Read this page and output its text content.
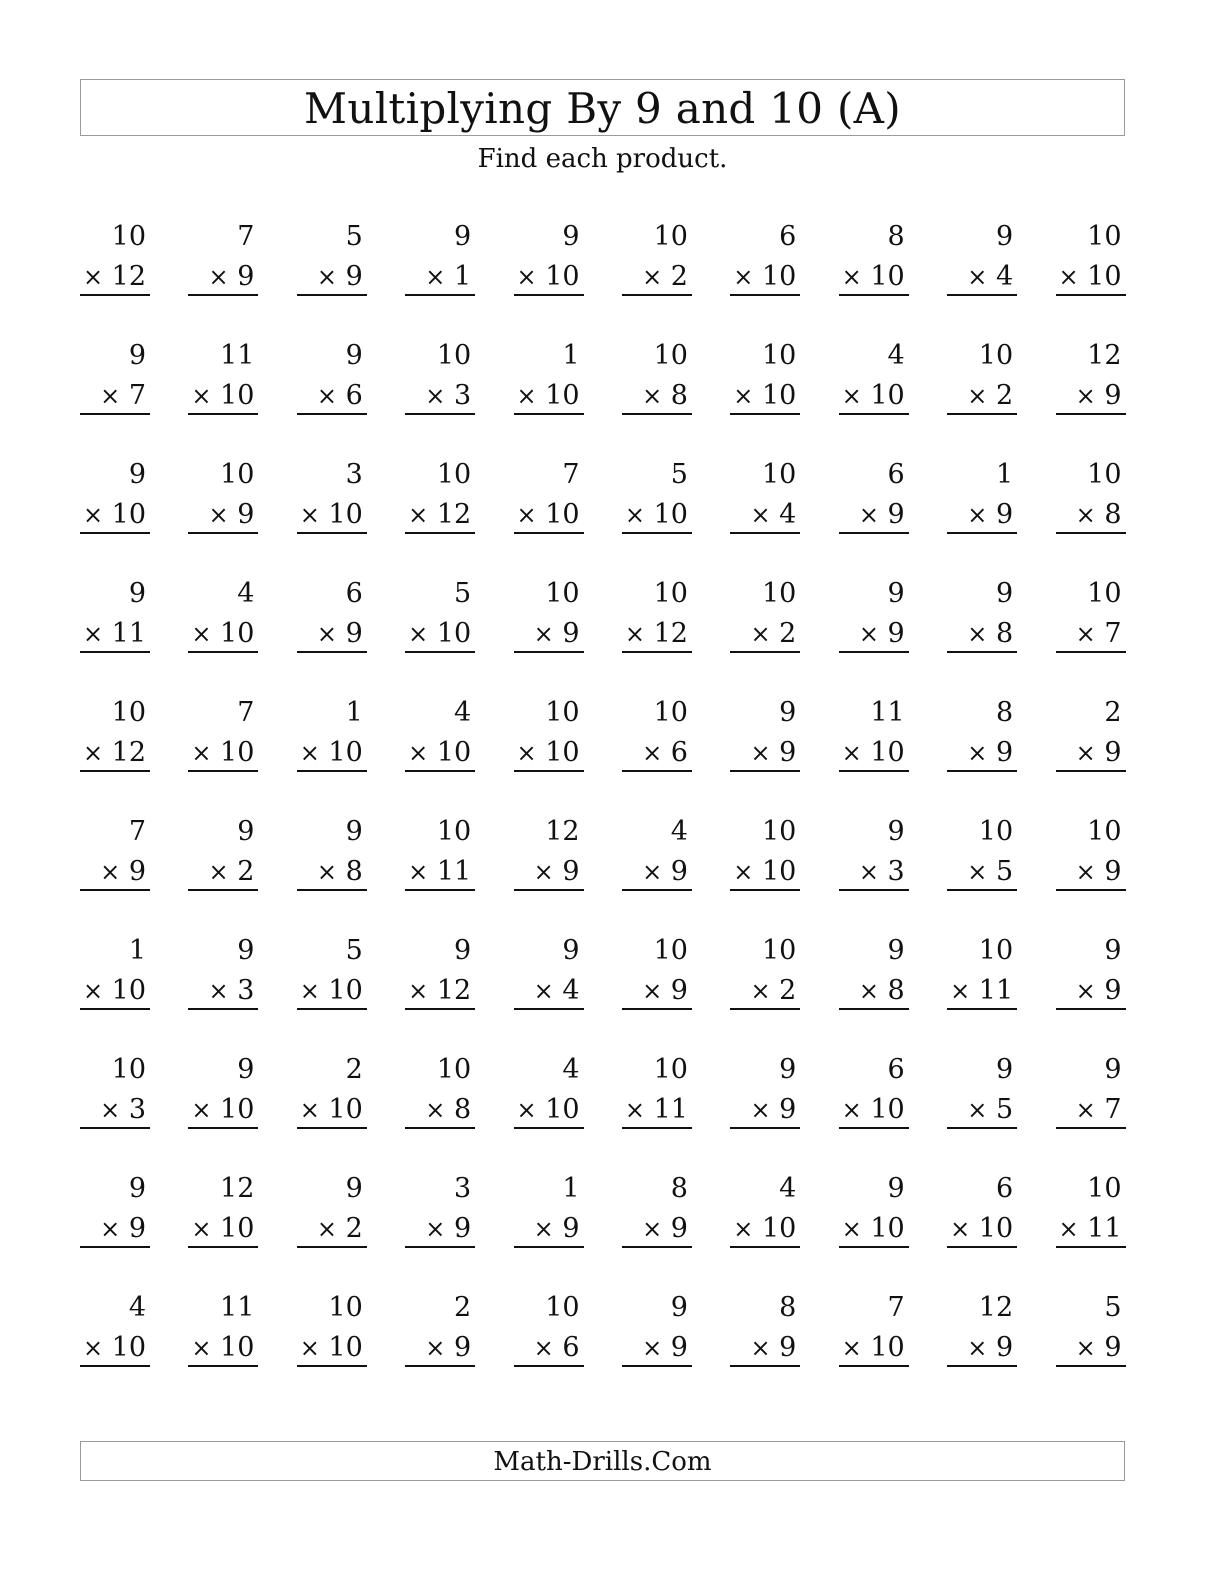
Multiplying By 9 and 10 (A)
Find each product.
10
× 12
7
× 9
5
× 9
9
× 1
9
× 10
10
× 2
6
× 10
8
× 10
9
× 4
10
× 10
9
× 7
11
× 10
9
× 6
10
× 3
1
× 10
10
× 8
10
× 10
4
× 10
10
× 2
12
× 9
9
× 10
10
× 9
3
× 10
10
× 12
7
× 10
5
× 10
10
× 4
6
× 9
1
× 9
10
× 8
9
× 11
4
× 10
6
× 9
5
× 10
10
× 9
10
× 12
10
× 2
9
× 9
9
× 8
10
× 7
10
× 12
7
× 10
1
× 10
4
× 10
10
× 10
10
× 6
9
× 9
11
× 10
8
× 9
2
× 9
7
× 9
9
× 2
9
× 8
10
× 11
12
× 9
4
× 9
10
× 10
9
× 3
10
× 5
10
× 9
1
× 10
9
× 3
5
× 10
9
× 12
9
× 4
10
× 9
10
× 2
9
× 8
10
× 11
9
× 9
10
× 3
9
× 10
2
× 10
10
× 8
4
× 10
10
× 11
9
× 9
6
× 10
9
× 5
9
× 7
9
× 9
12
× 10
9
× 2
3
× 9
1
× 9
8
× 9
4
× 10
9
× 10
6
× 10
10
× 11
4
× 10
11
× 10
10
× 10
2
× 9
10
× 6
9
× 9
8
× 9
7
× 10
12
× 9
5
× 9
Math-Drills.Com
